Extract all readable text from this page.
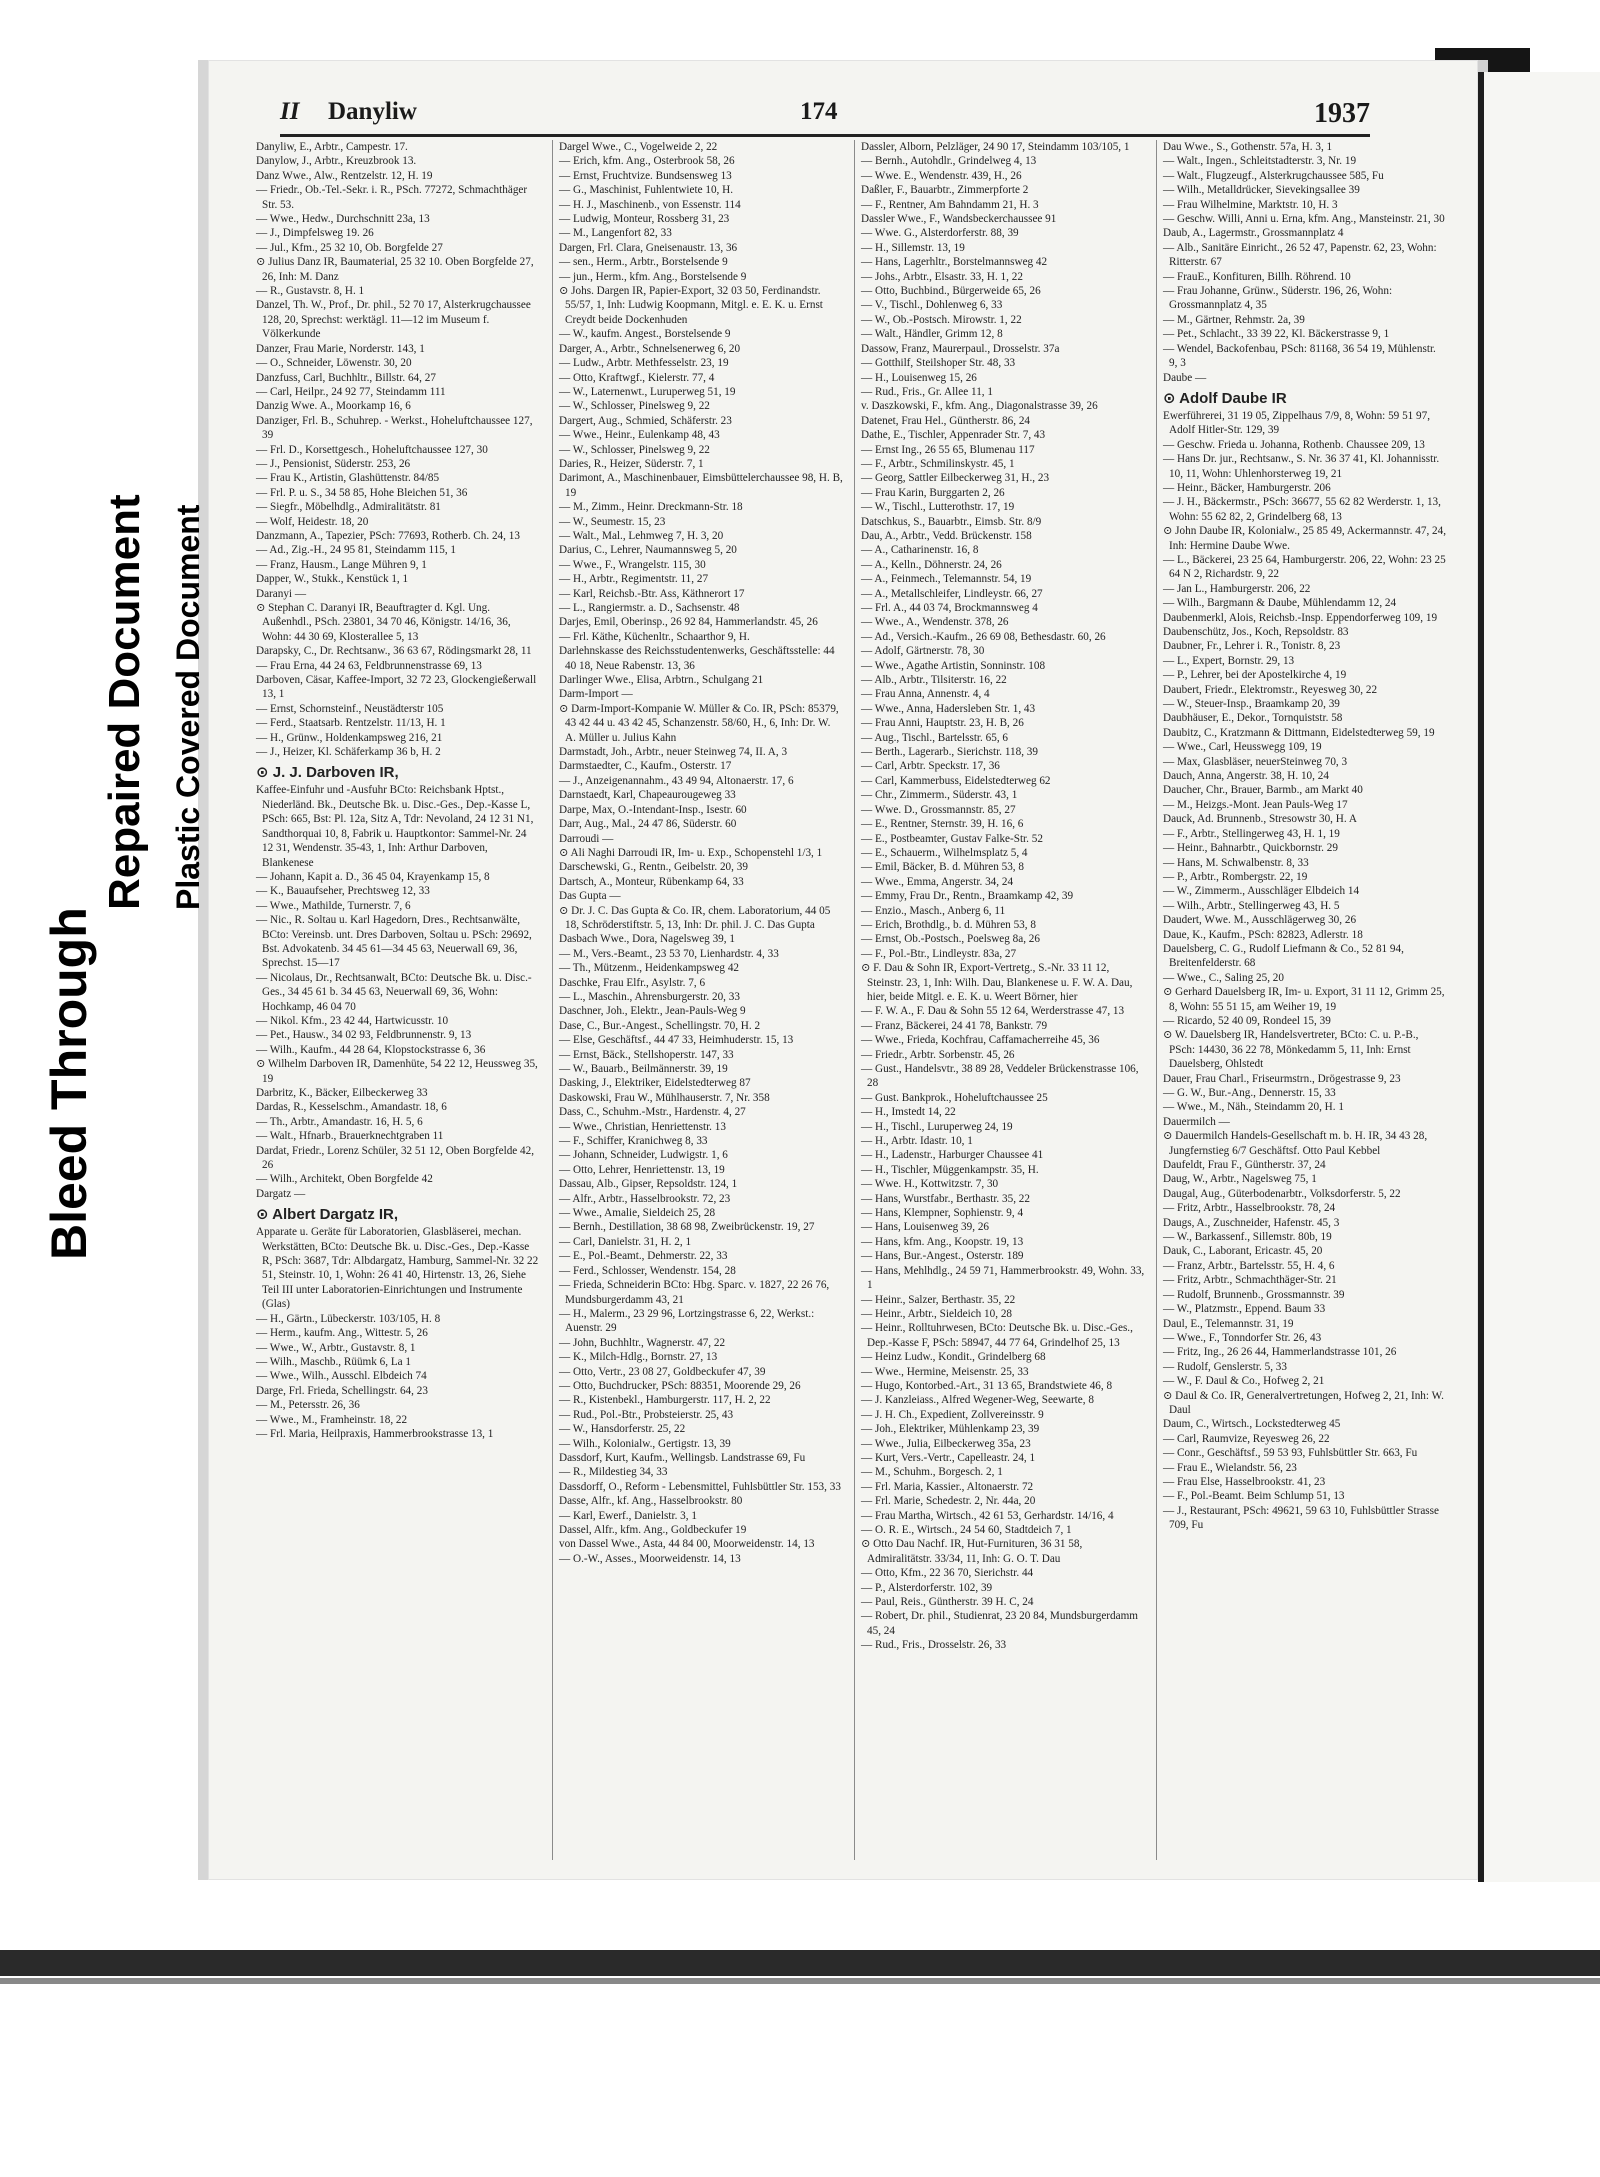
Bleed Through
Repaired Document Plastic Covered Document
II Danyliw	174	1937
Danyliw, E., Arbtr., Campestr. 17.
Danylow, J., Arbtr., Kreuzbrook 13.
Danz Wwe., Alw., Rentzelstr. 12, H. 19
— Friedr., Ob.-Tel.-Sekr. i. R., PSch. 77272, Schmachthäger Str. 53.
— Wwe., Hedw., Durchschnitt 23a, 13
— J., Dimpfelsweg 19. 26
— Jul., Kfm., 25 32 10, Ob. Borgfelde 27
⊙ Julius Danz IR, Baumaterial, 25 32 10. Oben Borgfelde 27, 26, Inh: M. Danz
— R., Gustavstr. 8, H. 1
Danzel, Th. W., Prof., Dr. phil., 52 70 17, Alsterkrugchaussee 128, 20, Sprechst: werktägl. 11—12 im Museum f. Völkerkunde
Danzer, Frau Marie, Norderstr. 143, 1
— O., Schneider, Löwenstr. 30, 20
Danzfuss, Carl, Buchhltr., Billstr. 64, 27
— Carl, Heilpr., 24 92 77, Steindamm 111
Danzig Wwe. A., Moorkamp 16, 6
Danziger, Frl. B., Schuhrep. - Werkst., Hoheluftchaussee 127, 39
— Frl. D., Korsettgesch., Hoheluftchaussee 127, 30
— J., Pensionist, Süderstr. 253, 26
— Frau K., Artistin, Glashüttenstr. 84/85
— Frl. P. u. S., 34 58 85, Hohe Bleichen 51, 36
— Siegfr., Möbelhdlg., Admiralitätstr. 81
— Wolf, Heidestr. 18, 20
Danzmann, A., Tapezier, PSch: 77693, Rotherb. Ch. 24, 13
— Ad., Zig.-H., 24 95 81, Steindamm 115, 1
— Franz, Hausm., Lange Mühren 9, 1
Dapper, W., Stukk., Kenstück 1, 1
Daranyi —
⊙ Stephan C. Daranyi IR, Beauftragter d. Kgl. Ung. Außenhdl., PSch. 23801, 34 70 46, Königstr. 14/16, 36, Wohn: 44 30 69, Klosterallee 5, 13
Darapsky, C., Dr. Rechtsanw., 36 63 67, Rödingsmarkt 28, 11
— Frau Erna, 44 24 63, Feldbrunnenstrasse 69, 13
Darboven, Cäsar, Kaffee-Import, 32 72 23, Glockengießerwall 13, 1
— Ernst, Schornsteinf., Neustädterstr 105
— Ferd., Staatsarb. Rentzelstr. 11/13, H. 1
— H., Grünw., Holdenkampsweg 216, 21
— J., Heizer, Kl. Schäferkamp 36 b, H. 2
⊙ J. J. Darboven IR,
Kaffee-Einfuhr und -Ausfuhr BCto: Reichsbank Hptst., Niederländ. Bk., Deutsche Bk. u. Disc.-Ges., Dep.-Kasse L, PSch: 665, Bst: Pl. 12a, Sitz A, Tdr: Nevoland, 24 12 31 N1, Sandthorquai 10, 8, Fabrik u. Hauptkontor: Sammel-Nr. 24 12 31, Wendenstr. 35-43, 1, Inh: Arthur Darboven, Blankenese
— Johann, Kapit a. D., 36 45 04, Krayenkamp 15, 8
— K., Bauaufseher, Prechtsweg 12, 33
— Wwe., Mathilde, Turnerstr. 7, 6
— Nic., R. Soltau u. Karl Hagedorn, Dres., Rechtsanwälte, BCto: Vereinsb. unt. Dres Darboven, Soltau u. PSch: 29692, Bst. Advokatenb. 34 45 61—34 45 63, Neuerwall 69, 36, Sprechst. 15—17
— Nicolaus, Dr., Rechtsanwalt, BCto: Deutsche Bk. u. Disc.-Ges., 34 45 61 b. 34 45 63, Neuerwall 69, 36, Wohn: Hochkamp, 46 04 70
— Nikol. Kfm., 23 42 44, Hartwicusstr. 10
— Pet., Hausw., 34 02 93, Feldbrunnenstr. 9, 13
— Wilh., Kaufm., 44 28 64, Klopstockstrasse 6, 36
⊙ Wilhelm Darboven IR, Damenhüte, 54 22 12, Heussweg 35, 19
Darbritz, K., Bäcker, Eilbeckerweg 33
Dardas, R., Kesselschm., Amandastr. 18, 6
— Th., Arbtr., Amandastr. 16, H. 5, 6
— Walt., Hfnarb., Brauerknechtgraben 11
Dardat, Friedr., Lorenz Schüler, 32 51 12, Oben Borgfelde 42, 26
— Wilh., Architekt, Oben Borgfelde 42
Dargatz —
⊙ Albert Dargatz IR,
Apparate u. Geräte für Laboratorien, Glasbläserei, mechan. Werkstätten, BCto: Deutsche Bk. u. Disc.-Ges., Dep.-Kasse R, PSch: 3687, Tdr: Albdargatz, Hamburg, Sammel-Nr. 32 22 51, Steinstr. 10, 1, Wohn: 26 41 40, Hirtenstr. 13, 26, Siehe Teil III unter Laboratorien-Einrichtungen und Instrumente (Glas)
— H., Gärtn., Lübeckerstr. 103/105, H. 8
— Herm., kaufm. Ang., Wittestr. 5, 26
— Wwe., W., Arbtr., Gustavstr. 8, 1
— Wilh., Maschb., Rüümk 6, La 1
— Wwe., Wilh., Ausschl. Elbdeich 74
Darge, Frl. Frieda, Schellingstr. 64, 23
— M., Petersstr. 26, 36
— Wwe., M., Framheinstr. 18, 22
— Frl. Maria, Heilpraxis, Hammerbrookstrasse 13, 1
Dargel Wwe., C., Vogelweide 2, 22
— Erich, kfm. Ang., Osterbrook 58, 26
— Ernst, Fruchtvize. Bundsensweg 13
— G., Maschinist, Fuhlentwiete 10, H.
— H. J., Maschinenb., von Essenstr. 114
— Ludwig, Monteur, Rossberg 31, 23
— M., Langenfort 82, 33
Dargen, Frl. Clara, Gneisenaustr. 13, 36
— sen., Herm., Arbtr., Borstelsende 9
— jun., Herm., kfm. Ang., Borstelsende 9
⊙ Johs. Dargen IR, Papier-Export, 32 03 50, Ferdinandstr. 55/57, 1, Inh: Ludwig Koopmann, Mitgl. e. E. K. u. Ernst Creydt beide Dockenhuden
— W., kaufm. Angest., Borstelsende 9
Darger, A., Arbtr., Schnelsenerweg 6, 20
— Ludw., Arbtr. Methfesselstr. 23, 19
— Otto, Kraftwgf., Kielerstr. 77, 4
— W., Laternenwt., Luruperweg 51, 19
— W., Schlosser, Pinelsweg 9, 22
Dargert, Aug., Schmied, Schäferstr. 23
— Wwe., Heinr., Eulenkamp 48, 43
— W., Schlosser, Pinelsweg 9, 22
Daries, R., Heizer, Süderstr. 7, 1
Darimont, A., Maschinenbauer, Eimsbüttelerchaussee 98, H. B, 19
— M., Zimm., Heinr. Dreckmann-Str. 18
— W., Seumestr. 15, 23
— Walt., Mal., Lehmweg 7, H. 3, 20
Darius, C., Lehrer, Naumannsweg 5, 20
— Wwe., F., Wrangelstr. 115, 30
— H., Arbtr., Regimentstr. 11, 27
— Karl, Reichsb.-Btr. Ass, Käthnerort 17
— L., Rangiermstr. a. D., Sachsenstr. 48
Darjes, Emil, Oberinsp., 26 92 84, Hammerlandstr. 45, 26
— Frl. Käthe, Küchenltr., Schaarthor 9, H.
Darlehnskasse des Reichsstudentenwerks, Geschäftsstelle: 44 40 18, Neue Rabenstr. 13, 36
Darlinger Wwe., Elisa, Arbtrn., Schulgang 21
Darm-Import —
⊙ Darm-Import-Kompanie W. Müller & Co. IR, PSch: 85379, 43 42 44 u. 43 42 45, Schanzenstr. 58/60, H., 6, Inh: Dr. W. A. Müller u. Julius Kahn
Darmstadt, Joh., Arbtr., neuer Steinweg 74, II. A, 3
Darmstaedter, C., Kaufm., Osterstr. 17
— J., Anzeigenannahm., 43 49 94, Altonaerstr. 17, 6
Darnstaedt, Karl, Chapeaurougeweg 33
Darpe, Max, O.-Intendant-Insp., Isestr. 60
Darr, Aug., Mal., 24 47 86, Süderstr. 60
Darroudi —
⊙ Ali Naghi Darroudi IR, Im- u. Exp., Schopenstehl 1/3, 1
Darschewski, G., Rentn., Geibelstr. 20, 39
Dartsch, A., Monteur, Rübenkamp 64, 33
Das Gupta —
⊙ Dr. J. C. Das Gupta & Co. IR, chem. Laboratorium, 44 05 18, Schröderstiftstr. 5, 13, Inh: Dr. phil. J. C. Das Gupta
Dasbach Wwe., Dora, Nagelsweg 39, 1
— M., Vers.-Beamt., 23 53 70, Lienhardstr. 4, 33
— Th., Mützenm., Heidenkampsweg 42
Daschke, Frau Elfr., Asylstr. 7, 6
— L., Maschin., Ahrensburgerstr. 20, 33
Daschner, Joh., Elektr., Jean-Pauls-Weg 9
Dase, C., Bur.-Angest., Schellingstr. 70, H. 2
— Else, Geschäftsf., 44 47 33, Heimhuderstr. 15, 13
— Ernst, Bäck., Stellshoperstr. 147, 33
— W., Bauarb., Beilmännerstr. 39, 19
Dasking, J., Elektriker, Eidelstedterweg 87
Daskowski, Frau W., Mühlhauserstr. 7, Nr. 358
Dass, C., Schuhm.-Mstr., Hardenstr. 4, 27
— Wwe., Christian, Henriettenstr. 13
— F., Schiffer, Kranichweg 8, 33
— Johann, Schneider, Ludwigstr. 1, 6
— Otto, Lehrer, Henriettenstr. 13, 19
Dassau, Alb., Gipser, Repsoldstr. 124, 1
— Alfr., Arbtr., Hasselbrookstr. 72, 23
— Wwe., Amalie, Sieldeich 25, 28
— Bernh., Destillation, 38 68 98, Zweibrückenstr. 19, 27
— Carl, Danielstr. 31, H. 2, 1
— E., Pol.-Beamt., Dehmerstr. 22, 33
— Ferd., Schlosser, Wendenstr. 154, 28
— Frieda, Schneiderin BCto: Hbg. Sparc. v. 1827, 22 26 76, Mundsburgerdamm 43, 21
— H., Malerm., 23 29 96, Lortzingstrasse 6, 22, Werkst.: Auenstr. 29
— John, Buchhltr., Wagnerstr. 47, 22
— K., Milch-Hdlg., Bornstr. 27, 13
— Otto, Vertr., 23 08 27, Goldbeckufer 47, 39
— Otto, Buchdrucker, PSch: 88351, Moorende 29, 26
— R., Kistenbekl., Hamburgerstr. 117, H. 2, 22
— Rud., Pol.-Btr., Probsteierstr. 25, 43
— W., Hansdorferstr. 25, 22
— Wilh., Kolonialw., Gertigstr. 13, 39
Dassdorf, Kurt, Kaufm., Wellingsb. Landstrasse 69, Fu
— R., Mildestieg 34, 33
Dassdorff, O., Reform - Lebensmittel, Fuhlsbüttler Str. 153, 33
Dasse, Alfr., kf. Ang., Hasselbrookstr. 80
— Karl, Ewerf., Danielstr. 3, 1
Dassel, Alfr., kfm. Ang., Goldbeckufer 19
von Dassel Wwe., Asta, 44 84 00, Moorweidenstr. 14, 13
— O.-W., Asses., Moorweidenstr. 14, 13
Dassler, Alborn, Pelzläger, 24 90 17, Steindamm 103/105, 1
— Bernh., Autohdlr., Grindelweg 4, 13
— Wwe. E., Wendenstr. 439, H., 26
Daßler, F., Bauarbtr., Zimmerpforte 2
— F., Rentner, Am Bahndamm 21, H. 3
Dassler Wwe., F., Wandsbeckerchaussee 91
— Wwe. G., Alsterdorferstr. 88, 39
— H., Sillemstr. 13, 19
— Hans, Lagerhltr., Borstelmannsweg 42
— Johs., Arbtr., Elsastr. 33, H. 1, 22
— Otto, Buchbind., Bürgerweide 65, 26
— V., Tischl., Dohlenweg 6, 33
— W., Ob.-Postsch. Mirowstr. 1, 22
— Walt., Händler, Grimm 12, 8
Dassow, Franz, Maurerpaul., Drosselstr. 37a
— Gotthilf, Steilshoper Str. 48, 33
— H., Louisenweg 15, 26
— Rud., Fris., Gr. Allee 11, 1
v. Daszkowski, F., kfm. Ang., Diagonalstrasse 39, 26
Datenet, Frau Hel., Güntherstr. 86, 24
Dathe, E., Tischler, Appenrader Str. 7, 43
— Ernst Ing., 26 55 65, Blumenau 117
— F., Arbtr., Schmilinskystr. 45, 1
— Georg, Sattler Eilbeckerweg 31, H., 23
— Frau Karin, Burggarten 2, 26
— W., Tischl., Lutterothstr. 17, 19
Datschkus, S., Bauarbtr., Eimsb. Str. 8/9
Dau, A., Arbtr., Vedd. Brückenstr. 158
— A., Catharinenstr. 16, 8
— A., Kelln., Döhnerstr. 24, 26
— A., Feinmech., Telemannstr. 54, 19
— A., Metallschleifer, Lindleystr. 66, 27
— Frl. A., 44 03 74, Brockmannsweg 4
— Wwe., A., Wendenstr. 378, 26
— Ad., Versich.-Kaufm., 26 69 08, Bethesdastr. 60, 26
— Adolf, Gärtnerstr. 78, 30
— Wwe., Agathe Artistin, Sonninstr. 108
— Alb., Arbtr., Tilsiterstr. 16, 22
— Frau Anna, Annenstr. 4, 4
— Wwe., Anna, Hadersleben Str. 1, 43
— Frau Anni, Hauptstr. 23, H. B, 26
— Aug., Tischl., Bartelsstr. 65, 6
— Berth., Lagerarb., Sierichstr. 118, 39
— Carl, Arbtr. Speckstr. 17, 36
— Carl, Kammerbuss, Eidelstedterweg 62
— Chr., Zimmerm., Süderstr. 43, 1
— Wwe. D., Grossmannstr. 85, 27
— E., Rentner, Sternstr. 39, H. 16, 6
— E., Postbeamter, Gustav Falke-Str. 52
— E., Schauerm., Wilhelmsplatz 5, 4
— Emil, Bäcker, B. d. Mühren 53, 8
— Wwe., Emma, Angerstr. 34, 24
— Emmy, Frau Dr., Rentn., Braamkamp 42, 39
— Enzio., Masch., Anberg 6, 11
— Erich, Brothdlg., b. d. Mühren 53, 8
— Ernst, Ob.-Postsch., Poelsweg 8a, 26
— F., Pol.-Btr., Lindleystr. 83a, 27
⊙ F. Dau & Sohn IR, Export-Vertretg., S.-Nr. 33 11 12, Steinstr. 23, 1, Inh: Wilh. Dau, Blankenese u. F. W. A. Dau, hier, beide Mitgl. e. E. K. u. Weert Börner, hier
— F. W. A., F. Dau & Sohn 55 12 64, Werderstrasse 47, 13
— Franz, Bäckerei, 24 41 78, Bankstr. 79
— Wwe., Frieda, Kochfrau, Caffamacherreihe 45, 36
— Friedr., Arbtr. Sorbenstr. 45, 26
— Gust., Handelsvtr., 38 89 28, Veddeler Brückenstrasse 106, 28
— Gust. Bankprok., Hoheluftchaussee 25
— H., Imstedt 14, 22
— H., Tischl., Luruperweg 24, 19
— H., Arbtr. Idastr. 10, 1
— H., Ladenstr., Harburger Chaussee 41
— H., Tischler, Müggenkampstr. 35, H.
— Wwe. H., Kottwitzstr. 7, 30
— Hans, Wurstfabr., Berthastr. 35, 22
— Hans, Klempner, Sophienstr. 9, 4
— Hans, Louisenweg 39, 26
— Hans, kfm. Ang., Koopstr. 19, 13
— Hans, Bur.-Angest., Osterstr. 189
— Hans, Mehlhdlg., 24 59 71, Hammerbrookstr. 49, Wohn. 33, 1
— Heinr., Salzer, Berthastr. 35, 22
— Heinr., Arbtr., Sieldeich 10, 28
— Heinr., Rolltuhrwesen, BCto: Deutsche Bk. u. Disc.-Ges., Dep.-Kasse F, PSch: 58947, 44 77 64, Grindelhof 25, 13
— Heinz Ludw., Kondit., Grindelberg 68
— Wwe., Hermine, Meisenstr. 25, 33
— Hugo, Kontorbed.-Art., 31 13 65, Brandstwiete 46, 8
— J. Kanzleiass., Alfred Wegener-Weg, Seewarte, 8
— J. H. Ch., Expedient, Zollvereinsstr. 9
— Joh., Elektriker, Mühlenkamp 23, 39
— Wwe., Julia, Eilbeckerweg 35a, 23
— Kurt, Vers.-Vertr., Capelleastr. 24, 1
— M., Schuhm., Borgesch. 2, 1
— Frl. Maria, Kassier., Altonaerstr. 72
— Frl. Marie, Schedestr. 2, Nr. 44a, 20
— Frau Martha, Wirtsch., 42 61 53, Gerhardstr. 14/16, 4
— O. R. E., Wirtsch., 24 54 60, Stadtdeich 7, 1
⊙ Otto Dau Nachf. IR, Hut-Furnituren, 36 31 58, Admiralitätstr. 33/34, 11, Inh: G. O. T. Dau
— Otto, Kfm., 22 36 70, Sierichstr. 44
— P., Alsterdorferstr. 102, 39
— Paul, Reis., Güntherstr. 39 H. C, 24
— Robert, Dr. phil., Studienrat, 23 20 84, Mundsburgerdamm 45, 24
— Rud., Fris., Drosselstr. 26, 33
Dau Wwe., S., Gothenstr. 57a, H. 3, 1
— Walt., Ingen., Schleitstadterstr. 3, Nr. 19
— Walt., Flugzeugf., Alsterkrugchaussee 585, Fu
— Wilh., Metalldrücker, Sievekingsallee 39
— Frau Wilhelmine, Marktstr. 10, H. 3
— Geschw. Willi, Anni u. Erna, kfm. Ang., Mansteinstr. 21, 30
Daub, A., Lagermstr., Grossmannplatz 4
— Alb., Sanitäre Einricht., 26 52 47, Papenstr. 62, 23, Wohn: Ritterstr. 67
— FrauE., Konfituren, Billh. Röhrend. 10
— Frau Johanne, Grünw., Süderstr. 196, 26, Wohn: Grossmannplatz 4, 35
— M., Gärtner, Rehmstr. 2a, 39
— Pet., Schlacht., 33 39 22, Kl. Bäckerstrasse 9, 1
— Wendel, Backofenbau, PSch: 81168, 36 54 19, Mühlenstr. 9, 3
Daube —
⊙ Adolf Daube IR
Ewerführerei, 31 19 05, Zippelhaus 7/9, 8, Wohn: 59 51 97, Adolf Hitler-Str. 129, 39
— Geschw. Frieda u. Johanna, Rothenb. Chaussee 209, 13
— Hans Dr. jur., Rechtsanw., S. Nr. 36 37 41, Kl. Johannisstr. 10, 11, Wohn: Uhlenhorsterweg 19, 21
— Heinr., Bäcker, Hamburgerstr. 206
— J. H., Bäckermstr., PSch: 36677, 55 62 82 Werderstr. 1, 13, Wohn: 55 62 82, 2, Grindelberg 68, 13
⊙ John Daube IR, Kolonialw., 25 85 49, Ackermannstr. 47, 24, Inh: Hermine Daube Wwe.
— L., Bäckerei, 23 25 64, Hamburgerstr. 206, 22, Wohn: 23 25 64 N 2, Richardstr. 9, 22
— Jan L., Hamburgerstr. 206, 22
— Wilh., Bargmann & Daube, Mühlendamm 12, 24
Daubenmerkl, Alois, Reichsb.-Insp. Eppendorferweg 109, 19
Daubenschütz, Jos., Koch, Repsoldstr. 83
Daubner, Fr., Lehrer i. R., Tonistr. 8, 23
— L., Expert, Bornstr. 29, 13
— P., Lehrer, bei der Apostelkirche 4, 19
Daubert, Friedr., Elektromstr., Reyesweg 30, 22
— W., Steuer-Insp., Braamkamp 20, 39
Daubhäuser, E., Dekor., Tornquiststr. 58
Daubitz, C., Kratzmann & Dittmann, Eidelstedterweg 59, 19
— Wwe., Carl, Heusswegg 109, 19
— Max, Glasbläser, neuerSteinweg 70, 3
Dauch, Anna, Angerstr. 38, H. 10, 24
Daucher, Chr., Brauer, Barmb., am Markt 40
— M., Heizgs.-Mont. Jean Pauls-Weg 17
Dauck, Ad. Brunnenb., Stresowstr 30, H. A
— F., Arbtr., Stellingerweg 43, H. 1, 19
— Heinr., Bahnarbtr., Quickbornstr. 29
— Hans, M. Schwalbenstr. 8, 33
— P., Arbtr., Rombergstr. 22, 19
— W., Zimmerm., Ausschläger Elbdeich 14
— Wilh., Arbtr., Stellingerweg 43, H. 5
Daudert, Wwe. M., Ausschlägerweg 30, 26
Daue, K., Kaufm., PSch: 82823, Adlerstr. 18
Dauelsberg, C. G., Rudolf Liefmann & Co., 52 81 94, Breitenfelderstr. 68
— Wwe., C., Saling 25, 20
⊙ Gerhard Dauelsberg IR, Im- u. Export, 31 11 12, Grimm 25, 8, Wohn: 55 51 15, am Weiher 19, 19
— Ricardo, 52 40 09, Rondeel 15, 39
⊙ W. Dauelsberg IR, Handelsvertreter, BCto: C. u. P.-B., PSch: 14430, 36 22 78, Mönkedamm 5, 11, Inh: Ernst Dauelsberg, Ohlstedt
Dauer, Frau Charl., Friseurmstrn., Drögestrasse 9, 23
— G. W., Bur.-Ang., Dennerstr. 15, 33
— Wwe., M., Näh., Steindamm 20, H. 1
Dauermilch —
⊙ Dauermilch Handels-Gesellschaft m. b. H. IR, 34 43 28, Jungfernstieg 6/7 Geschäftsf. Otto Paul Kebbel
Daufeldt, Frau F., Güntherstr. 37, 24
Daug, W., Arbtr., Nagelsweg 75, 1
Daugal, Aug., Güterbodenarbtr., Volksdorferstr. 5, 22
— Fritz, Arbtr., Hasselbrookstr. 78, 24
Daugs, A., Zuschneider, Hafenstr. 45, 3
— W., Barkassenf., Sillemstr. 80b, 19
Dauk, C., Laborant, Ericastr. 45, 20
— Franz, Arbtr., Bartelsstr. 55, H. 4, 6
— Fritz, Arbtr., Schmachthäger-Str. 21
— Rudolf, Brunnenb., Grossmannstr. 39
— W., Platzmstr., Eppend. Baum 33
Daul, E., Telemannstr. 31, 19
— Wwe., F., Tonndorfer Str. 26, 43
— Fritz, Ing., 26 26 44, Hammerlandstrasse 101, 26
— Rudolf, Genslerstr. 5, 33
— W., F. Daul & Co., Hofweg 2, 21
⊙ Daul & Co. IR, Generalvertretungen, Hofweg 2, 21, Inh: W. Daul
Daum, C., Wirtsch., Lockstedterweg 45
— Carl, Raumvize, Reyesweg 26, 22
— Conr., Geschäftsf., 59 53 93, Fuhlsbüttler Str. 663, Fu
— Frau E., Wielandstr. 56, 23
— Frau Else, Hasselbrookstr. 41, 23
— F., Pol.-Beamt. Beim Schlump 51, 13
— J., Restaurant, PSch: 49621, 59 63 10, Fuhlsbüttler Strasse 709, Fu
